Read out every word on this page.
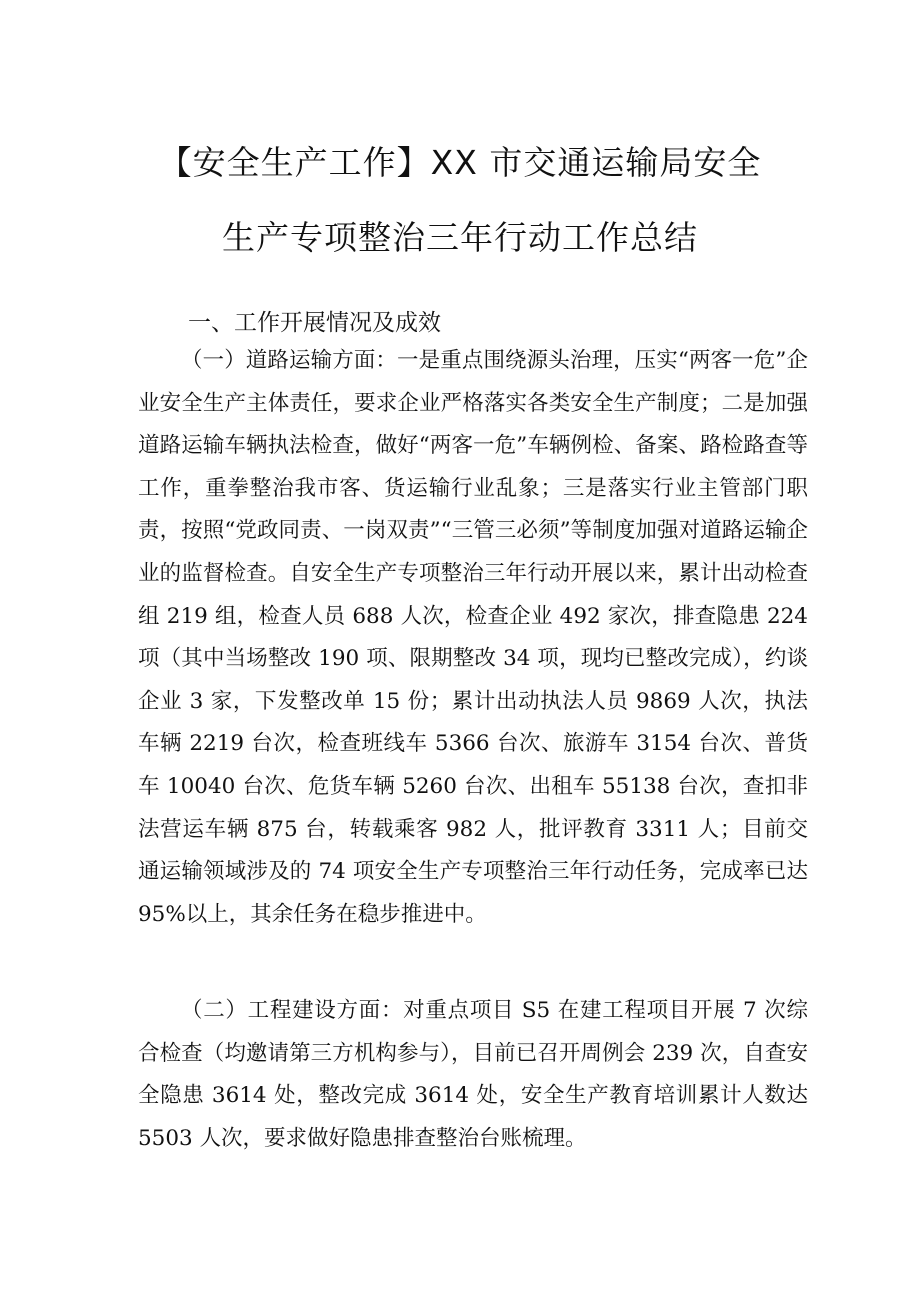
【安全生产工作】XX 市交通运输局安全
生产专项整治三年行动工作总结
一、工作开展情况及成效

（一）道路运输方面：一是重点围绕源头治理，压实“两客一危”企业安全生产主体责任，要求企业严格落实各类安全生产制度；二是加强道路运输车辆执法检查，做好“两客一危”车辆例检、备案、路检路查等工作，重拳整治我市客、货运输行业乱象；三是落实行业主管部门职责，按照“党政同责、一岗双责”“三管三必须”等制度加强对道路运输企业的监督检查。自安全生产专项整治三年行动开展以来，累计出动检查组 219 组，检查人员 688 人次，检查企业 492 家次，排查隐患 224 项（其中当场整改 190 项、限期整改 34 项，现均已整改完成），约谈企业 3 家，下发整改单 15 份；累计出动执法人员 9869 人次，执法车辆 2219 台次，检查班线车 5366 台次、旅游车 3154 台次、普货车 10040 台次、危货车辆 5260 台次、出租车 55138 台次，查扣非法营运车辆 875 台，转载乘客 982 人，批评教育 3311 人；目前交通运输领域涉及的 74 项安全生产专项整治三年行动任务，完成率已达 95%以上，其余任务在稳步推进中。

（二）工程建设方面：对重点项目 S5 在建工程项目开展 7 次综合检查（均邀请第三方机构参与），目前已召开周例会 239 次，自查安全隐患 3614 处，整改完成 3614 处，安全生产教育培训累计人数达 5503 人次，要求做好隐患排查整治台账梳理。
